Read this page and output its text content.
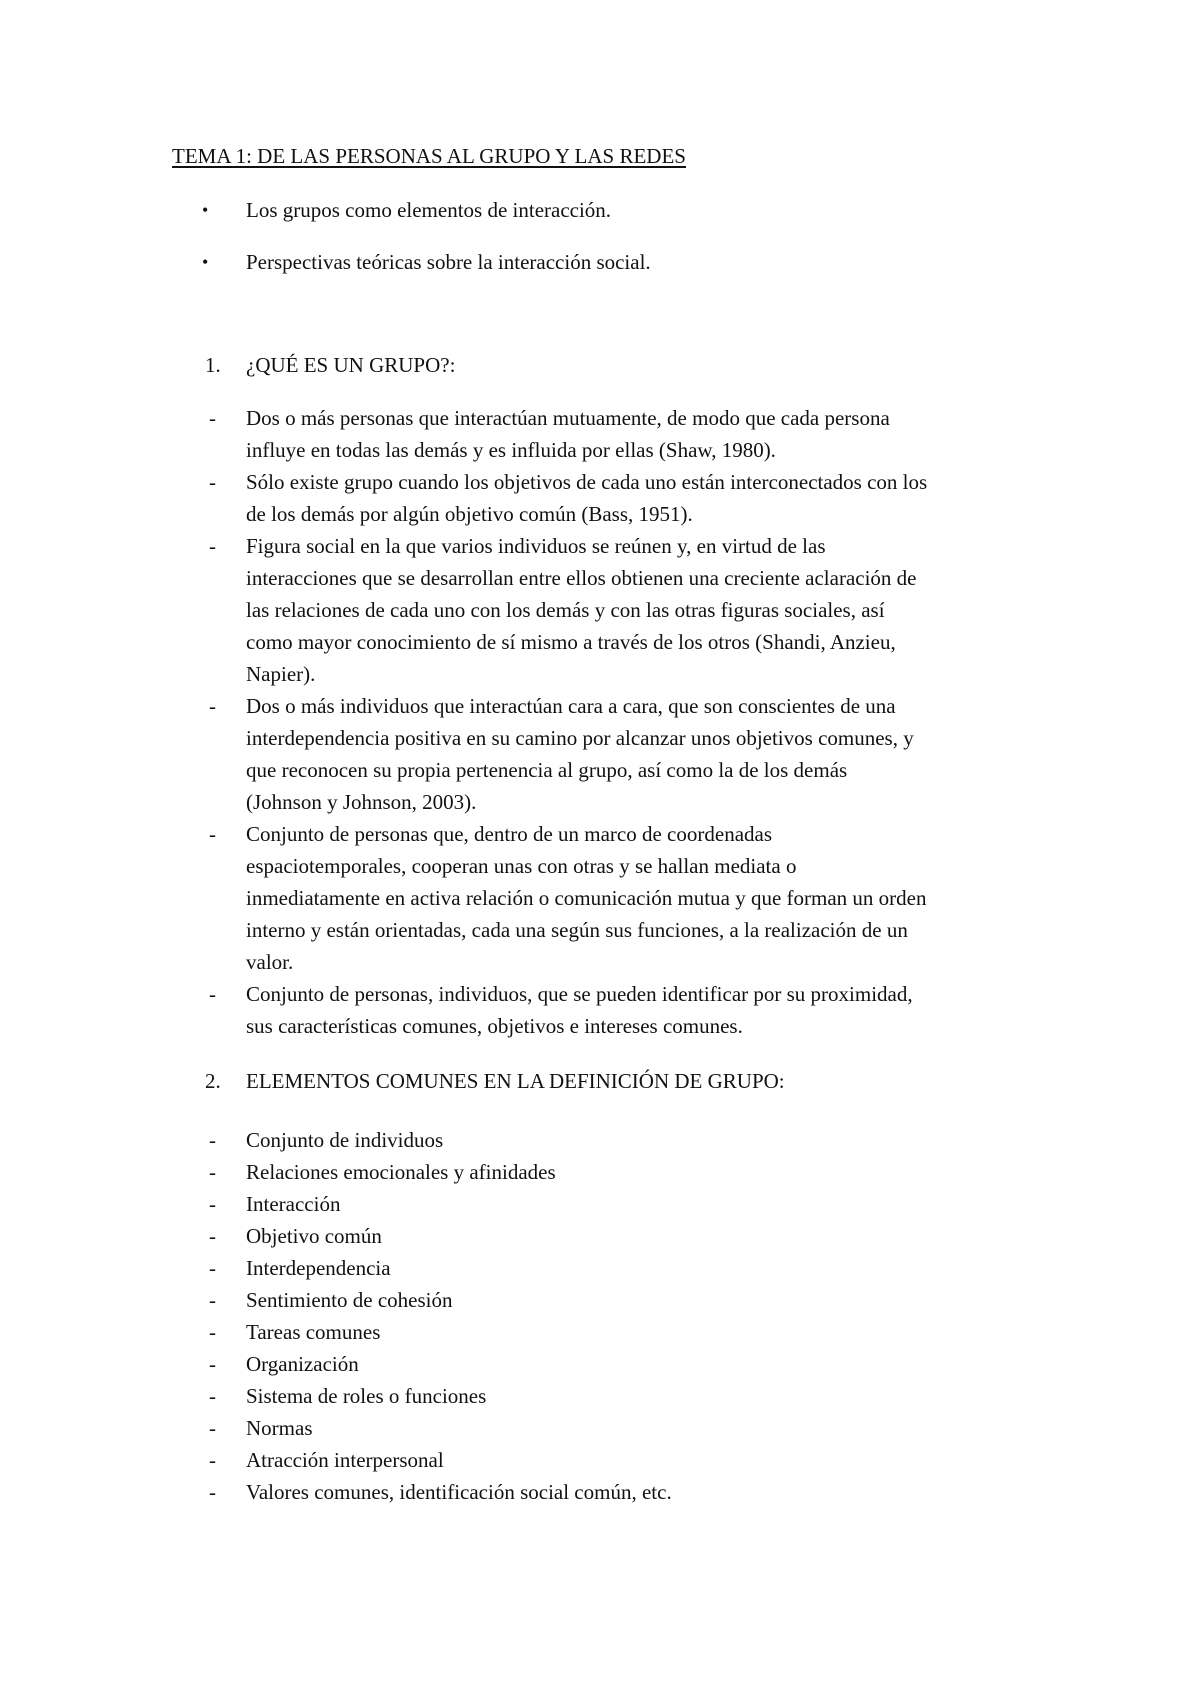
TEMA 1: DE LAS PERSONAS AL GRUPO Y LAS REDES
• Los grupos como elementos de interacción.
• Perspectivas teóricas sobre la interacción social.
1. ¿QUÉ ES UN GRUPO?:
- Dos o más personas que interactúan mutuamente, de modo que cada persona
influye en todas las demás y es influida por ellas (Shaw, 1980).
- Sólo existe grupo cuando los objetivos de cada uno están interconectados con los
de los demás por algún objetivo común (Bass, 1951).
- Figura social en la que varios individuos se reúnen y, en virtud de las
interacciones que se desarrollan entre ellos obtienen una creciente aclaración de
las relaciones de cada uno con los demás y con las otras figuras sociales, así
como mayor conocimiento de sí mismo a través de los otros (Shandi, Anzieu,
Napier).
- Dos o más individuos que interactúan cara a cara, que son conscientes de una
interdependencia positiva en su camino por alcanzar unos objetivos comunes, y
que reconocen su propia pertenencia al grupo, así como la de los demás
(Johnson y Johnson, 2003).
- Conjunto de personas que, dentro de un marco de coordenadas
espaciotemporales, cooperan unas con otras y se hallan mediata o
inmediatamente en activa relación o comunicación mutua y que forman un orden
interno y están orientadas, cada una según sus funciones, a la realización de un
valor.
- Conjunto de personas, individuos, que se pueden identificar por su proximidad,
sus características comunes, objetivos e intereses comunes.
2. ELEMENTOS COMUNES EN LA DEFINICIÓN DE GRUPO:
- Conjunto de individuos
- Relaciones emocionales y afinidades
- Interacción
- Objetivo común
- Interdependencia
- Sentimiento de cohesión
- Tareas comunes
- Organización
- Sistema de roles o funciones
- Normas
- Atracción interpersonal
- Valores comunes, identificación social común, etc.
